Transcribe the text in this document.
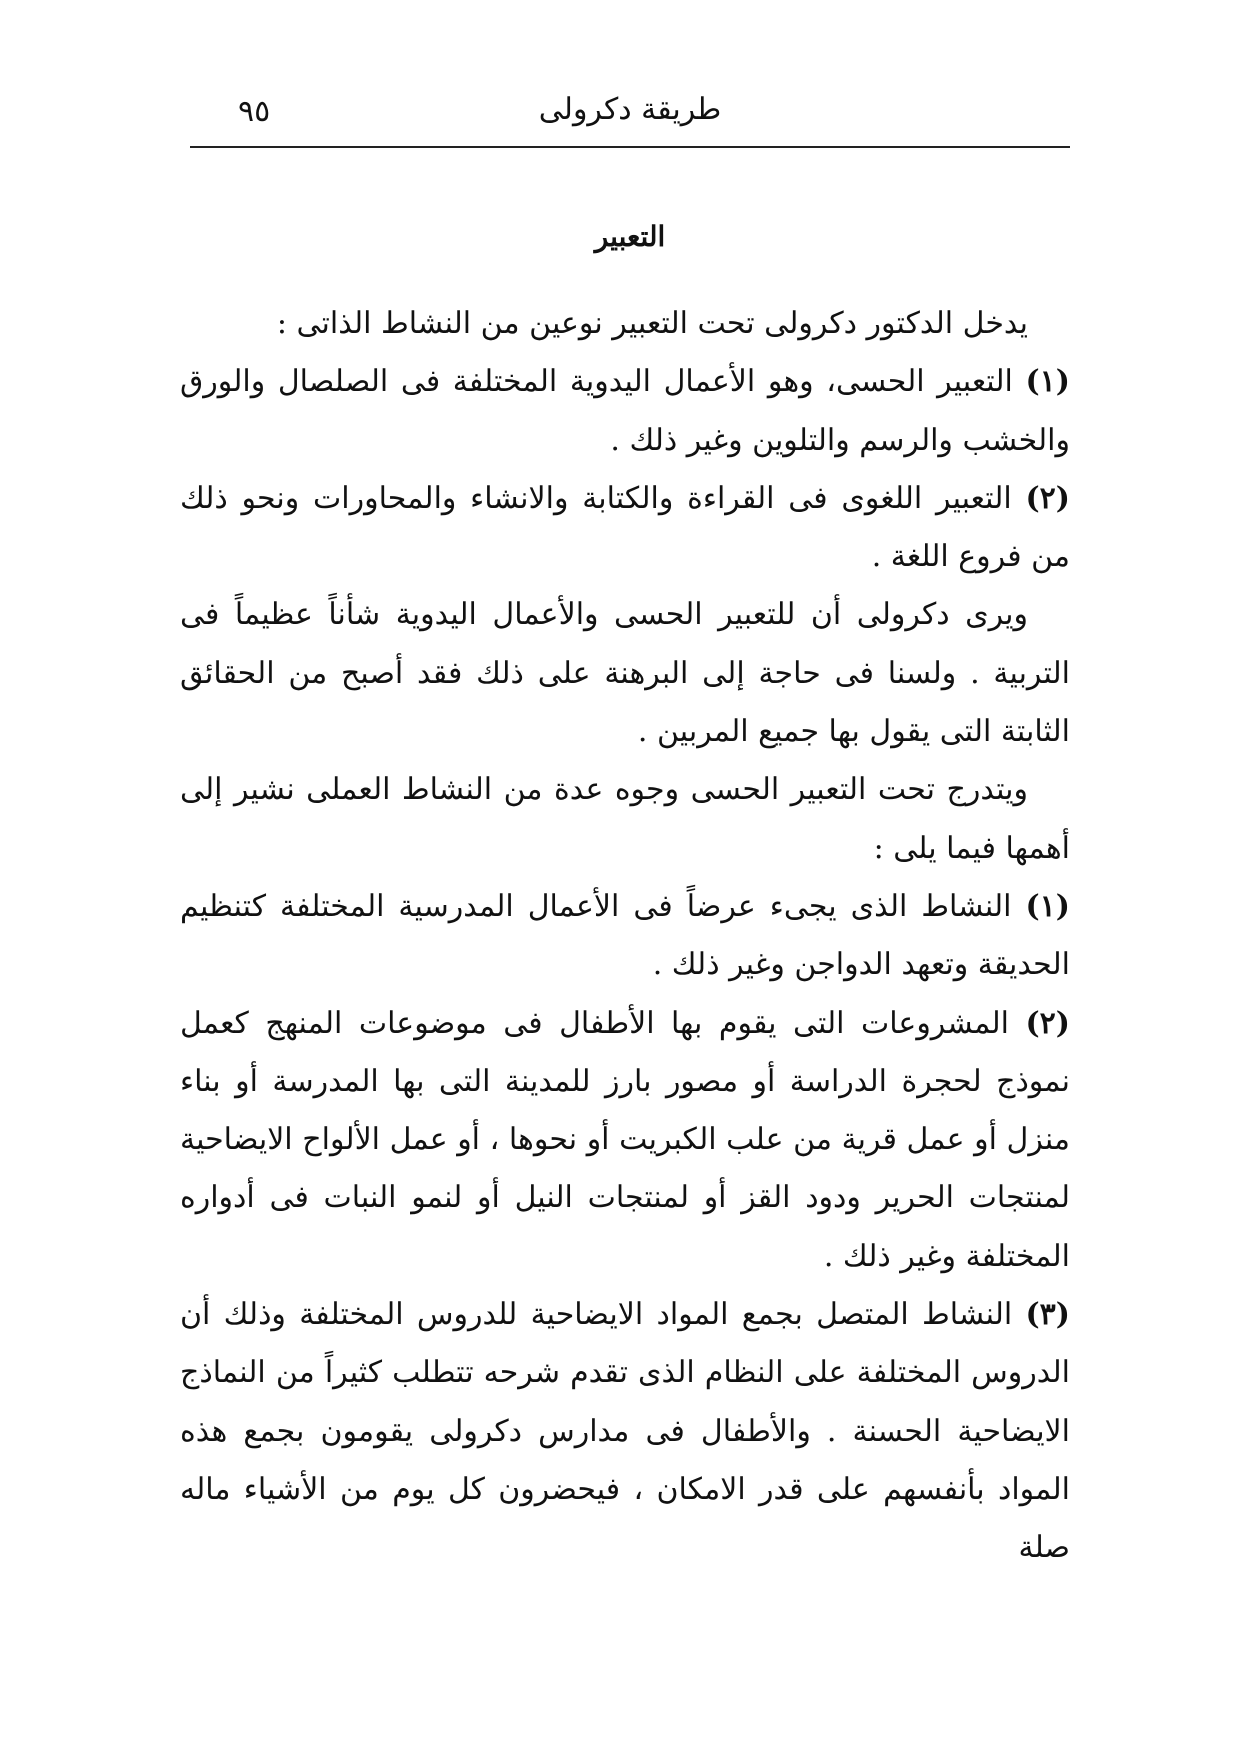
طريقة دكرولى
٩٥
التعبير

يدخل الدكتور دكرولى تحت التعبير نوعين من النشاط الذاتى :

(١) التعبير الحسى، وهو الأعمال اليدوية المختلفة فى الصلصال والورق والخشب والرسم والتلوين وغير ذلك .

(٢) التعبير اللغوى فى القراءة والكتابة والانشاء والمحاورات ونحو ذلك من فروع اللغة .

ويرى دكرولى أن للتعبير الحسى والأعمال اليدوية شأناً عظيماً فى التربية . ولسنا فى حاجة إلى البرهنة على ذلك فقد أصبح من الحقائق الثابتة التى يقول بها جميع المربين .

ويتدرج تحت التعبير الحسى وجوه عدة من النشاط العملى نشير إلى أهمها فيما يلى :

(١) النشاط الذى يجىء عرضاً فى الأعمال المدرسية المختلفة كتنظيم الحديقة وتعهد الدواجن وغير ذلك .

(٢) المشروعات التى يقوم بها الأطفال فى موضوعات المنهج كعمل نموذج لحجرة الدراسة أو مصور بارز للمدينة التى بها المدرسة أو بناء منزل أو عمل قرية من علب الكبريت أو نحوها ، أو عمل الألواح الايضاحية لمنتجات الحرير ودود القز أو لمنتجات النيل أو لنمو النبات فى أدواره المختلفة وغير ذلك .

(٣) النشاط المتصل بجمع المواد الايضاحية للدروس المختلفة وذلك أن الدروس المختلفة على النظام الذى تقدم شرحه تتطلب كثيراً من النماذج الايضاحية الحسنة . والأطفال فى مدارس دكرولى يقومون بجمع هذه المواد بأنفسهم على قدر الامكان ، فيحضرون كل يوم من الأشياء ماله صلة
